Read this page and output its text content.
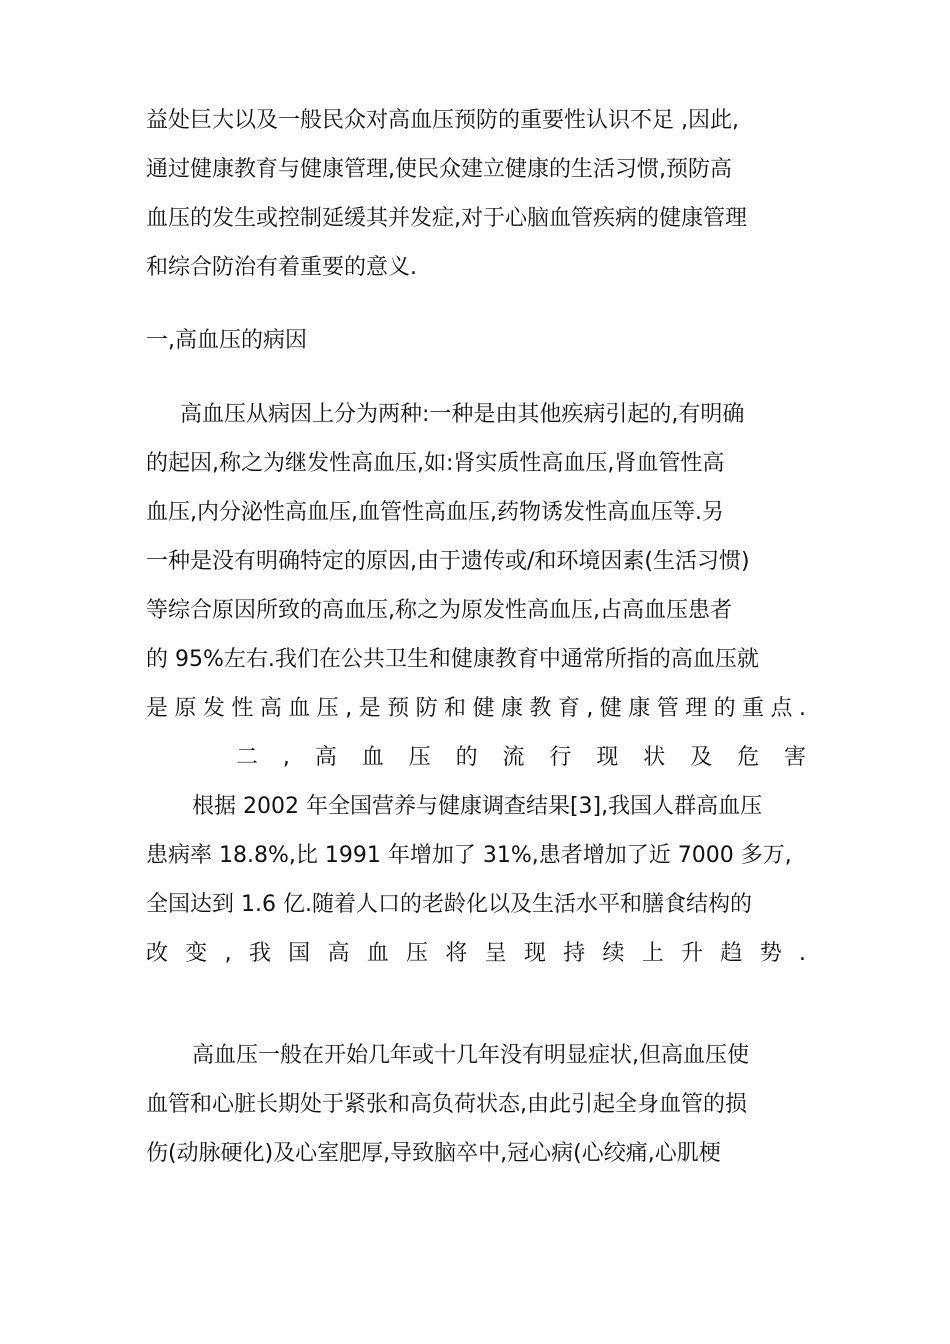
益处巨大以及一般民众对高血压预防的重要性认识不足 ,因此,

通过健康教育与健康管理,使民众建立健康的生活习惯,预防高

血压的发生或控制延缓其并发症,对于心脑血管疾病的健康管理

和综合防治有着重要的意义.

一,高血压的病因

高血压从病因上分为两种:一种是由其他疾病引起的,有明确

的起因,称之为继发性高血压,如:肾实质性高血压,肾血管性高

血压,内分泌性高血压,血管性高血压,药物诱发性高血压等.另

一种是没有明确特定的原因,由于遗传或/和环境因素(生活习惯)

等综合原因所致的高血压,称之为原发性高血压,占高血压患者

的 95%左右.我们在公共卫生和健康教育中通常所指的高血压就

是原发性高血压,是预防和健康教育,健康管理的重点.

二,高血压的流行现状及危害

根据 2002 年全国营养与健康调查结果[3],我国人群高血压

患病率 18.8%,比 1991 年增加了 31%,患者增加了近 7000 多万,

全国达到 1.6 亿.随着人口的老龄化以及生活水平和膳食结构的

改变,我国高血压将呈现持续上升趋势.

高血压一般在开始几年或十几年没有明显症状,但高血压使

血管和心脏长期处于紧张和高负荷状态,由此引起全身血管的损

伤(动脉硬化)及心室肥厚,导致脑卒中,冠心病(心绞痛,心肌梗
